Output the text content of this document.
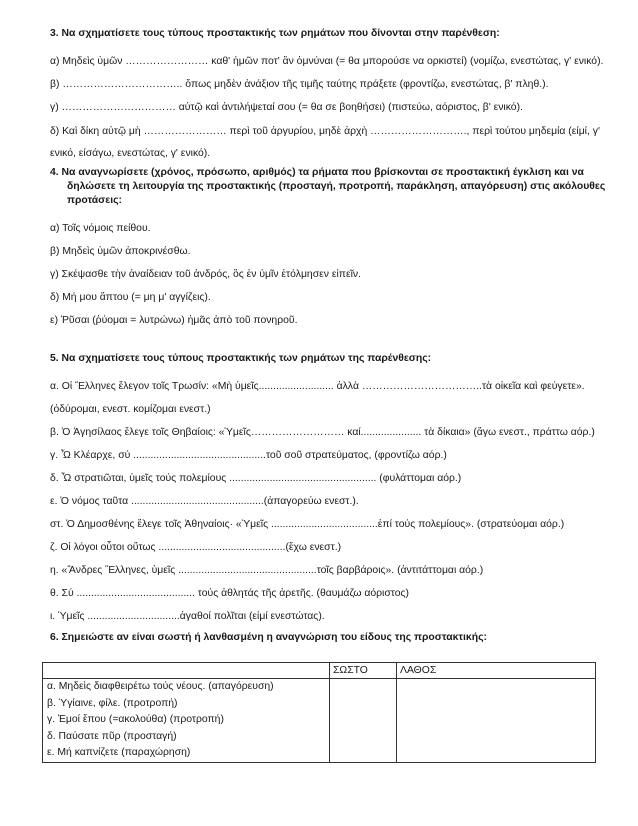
3. Να σχηματίσετε τους τύπους προστακτικής των ρημάτων που δίνονται στην παρένθεση:
α) Μηδεὶς ὑμῶν …………………… καθ' ἡμῶν ποτ' ἂν ὀμνύναι (= θα μπορούσε να ορκιστεί) (νομίζω, ενεστώτας, γ' ενικό).
β) …………………………….. ὅπως μηδὲν ἀνάξιον τῆς τιμῆς ταύτης πράξετε (φροντίζω, ενεστώτας, β' πληθ.).
γ) …………………………… αὐτῷ καὶ ἀντιλήψεταί σου (= θα σε βοηθήσει) (πιστεύω, αόριστος, β' ενικό).
δ) Καὶ δίκη αὐτῷ μὴ …………………… περὶ τοῦ ἀργυρίου, μηδὲ ἀρχὴ ………………………., περὶ τούτου μηδεμία (είμί, γ'
ενικό, είσάγω, ενεστώτας, γ' ενικό).
4. Να αναγνωρίσετε (χρόνος, πρόσωπο, αριθμός) τα ρήματα που βρίσκονται σε προστακτική έγκλιση και να
δηλώσετε τη λειτουργία της προστακτικής (προσταγή, προτροπή, παράκληση, απαγόρευση) στις ακόλουθες
προτάσεις:
α) Τοῖς νόμοις πείθου.
β) Μηδεὶς ὑμῶν ἀποκρινέσθω.
γ) Σκέψασθε τὴν ἀναίδειαν τοῦ ἀνδρός, ὃς ἐν ὑμῖν ἐτόλμησεν εἰπεῖν.
δ) Μή μου ἅπτου (= μη μ' αγγίζεις).
ε) Ῥῦσαι (ῥύομαι = λυτρώνω) ἡμᾶς ἀπὸ τοῦ πονηροῦ.
5. Να σχηματίσετε τους τύπους προστακτικής των ρημάτων της παρένθεσης:
α. Οἱ Ἕλληνες ἔλεγον τοῖς Τρωσίν: «Μὴ ὑμεῖς.......................... ἀλλὰ ……………………………..τὰ οἰκεῖα καὶ φεύγετε».
(ὀδύρομαι, ενεστ. κομίζομαι ενεστ.)
β. Ὁ Ἀγησίλαος ἔλεγε τοῖς Θηβαίοις: «Ὑμεῖς……………………… καί..................... τὰ δίκαια» (ἄγω ενεστ., πράττω αόρ.)
γ. Ὦ Κλέαρχε, σύ ..............................................τοῦ σοῦ στρατεύματος, (φροντίζω αόρ.)
δ. Ὦ στρατιῶται, ὑμεῖς τούς πολεμίους ................................................... (φυλάττομαι αόρ.)
ε. Ὁ νόμος ταῦτα ..............................................(ἀπαγορεύω ενεστ.).
στ. Ὁ Δημοσθένης ἔλεγε τοῖς Ἀθηναίοις· «Ὑμεῖς .....................................ἐπί τούς πολεμίους». (στρατεύομαι αόρ.)
ζ. Οἱ λόγοι οὗτοι οὕτως ............................................(ἔχω ενεστ.)
η. «Ἄνδρες Ἕλληνες, ὑμεῖς ................................................τοῖς βαρβάροις». (ἀντιτάττομαι αόρ.)
θ. Σύ ......................................... τούς ἀθλητάς τῆς ἀρετῆς. (θαυμάζω αόριστος)
ι. Ὑμεῖς ................................ἀγαθοί πολῖται (εἰμί ενεστώτας).
6. Σημειώστε αν είναι σωστή ή λανθασμένη η αναγνώριση του είδους της προστακτικής:
	ΣΩΣΤΟ	ΛΑΘΟΣ

α. Μηδεὶς διαφθειρέτω τούς νέους. (απαγόρευση)
β. Ὑγίαινε, φίλε. (προτροπή)
γ. Ἐμοί ἕπου (=ακολούθα) (προτροπή)
δ. Παύσατε πῦρ (προσταγή)
ε. Μή καπνίζετε (παραχώρηση)		
